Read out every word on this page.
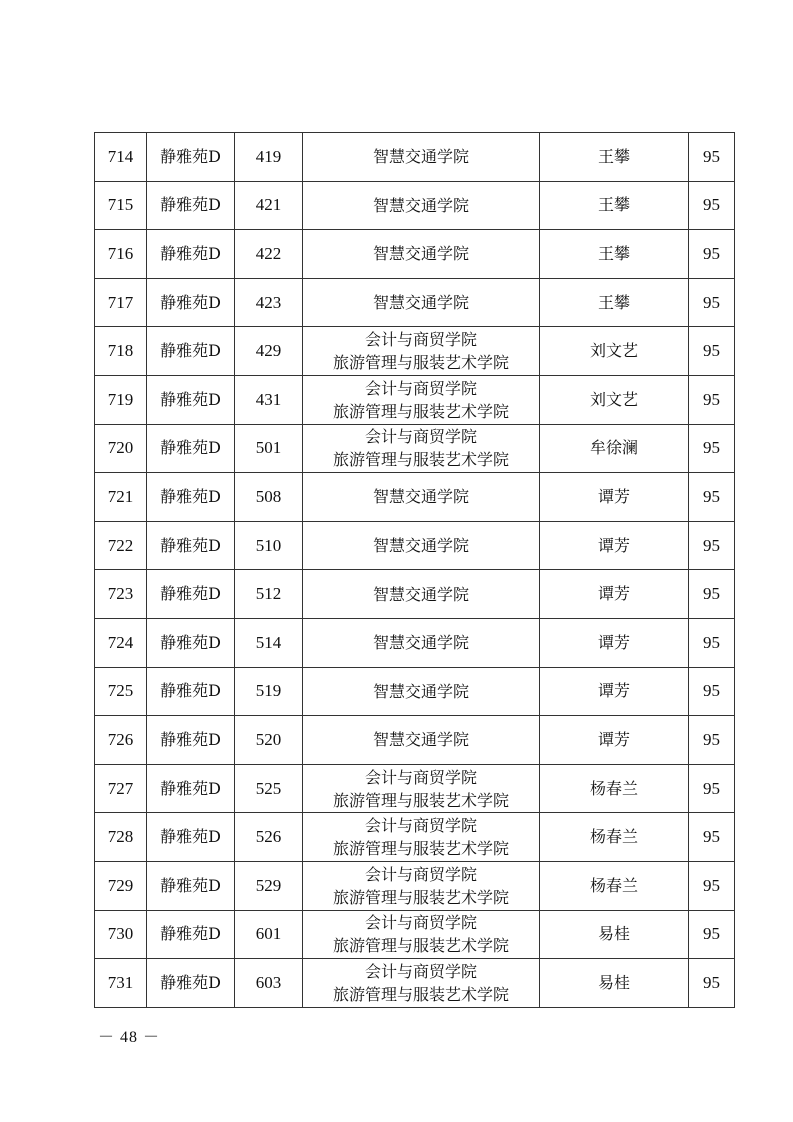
714	静雅苑D	419	智慧交通学院	王攀	95
715	静雅苑D	421	智慧交通学院	王攀	95
716	静雅苑D	422	智慧交通学院	王攀	95
717	静雅苑D	423	智慧交通学院	王攀	95
718	静雅苑D	429	会计与商贸学院
旅游管理与服装艺术学院	刘文艺	95
719	静雅苑D	431	会计与商贸学院
旅游管理与服装艺术学院	刘文艺	95
720	静雅苑D	501	会计与商贸学院
旅游管理与服装艺术学院	牟徐澜	95
721	静雅苑D	508	智慧交通学院	谭芳	95
722	静雅苑D	510	智慧交通学院	谭芳	95
723	静雅苑D	512	智慧交通学院	谭芳	95
724	静雅苑D	514	智慧交通学院	谭芳	95
725	静雅苑D	519	智慧交通学院	谭芳	95
726	静雅苑D	520	智慧交通学院	谭芳	95
727	静雅苑D	525	会计与商贸学院
旅游管理与服装艺术学院	杨春兰	95
728	静雅苑D	526	会计与商贸学院
旅游管理与服装艺术学院	杨春兰	95
729	静雅苑D	529	会计与商贸学院
旅游管理与服装艺术学院	杨春兰	95
730	静雅苑D	601	会计与商贸学院
旅游管理与服装艺术学院	易桂	95
731	静雅苑D	603	会计与商贸学院
旅游管理与服装艺术学院	易桂	95
－ 48 －
